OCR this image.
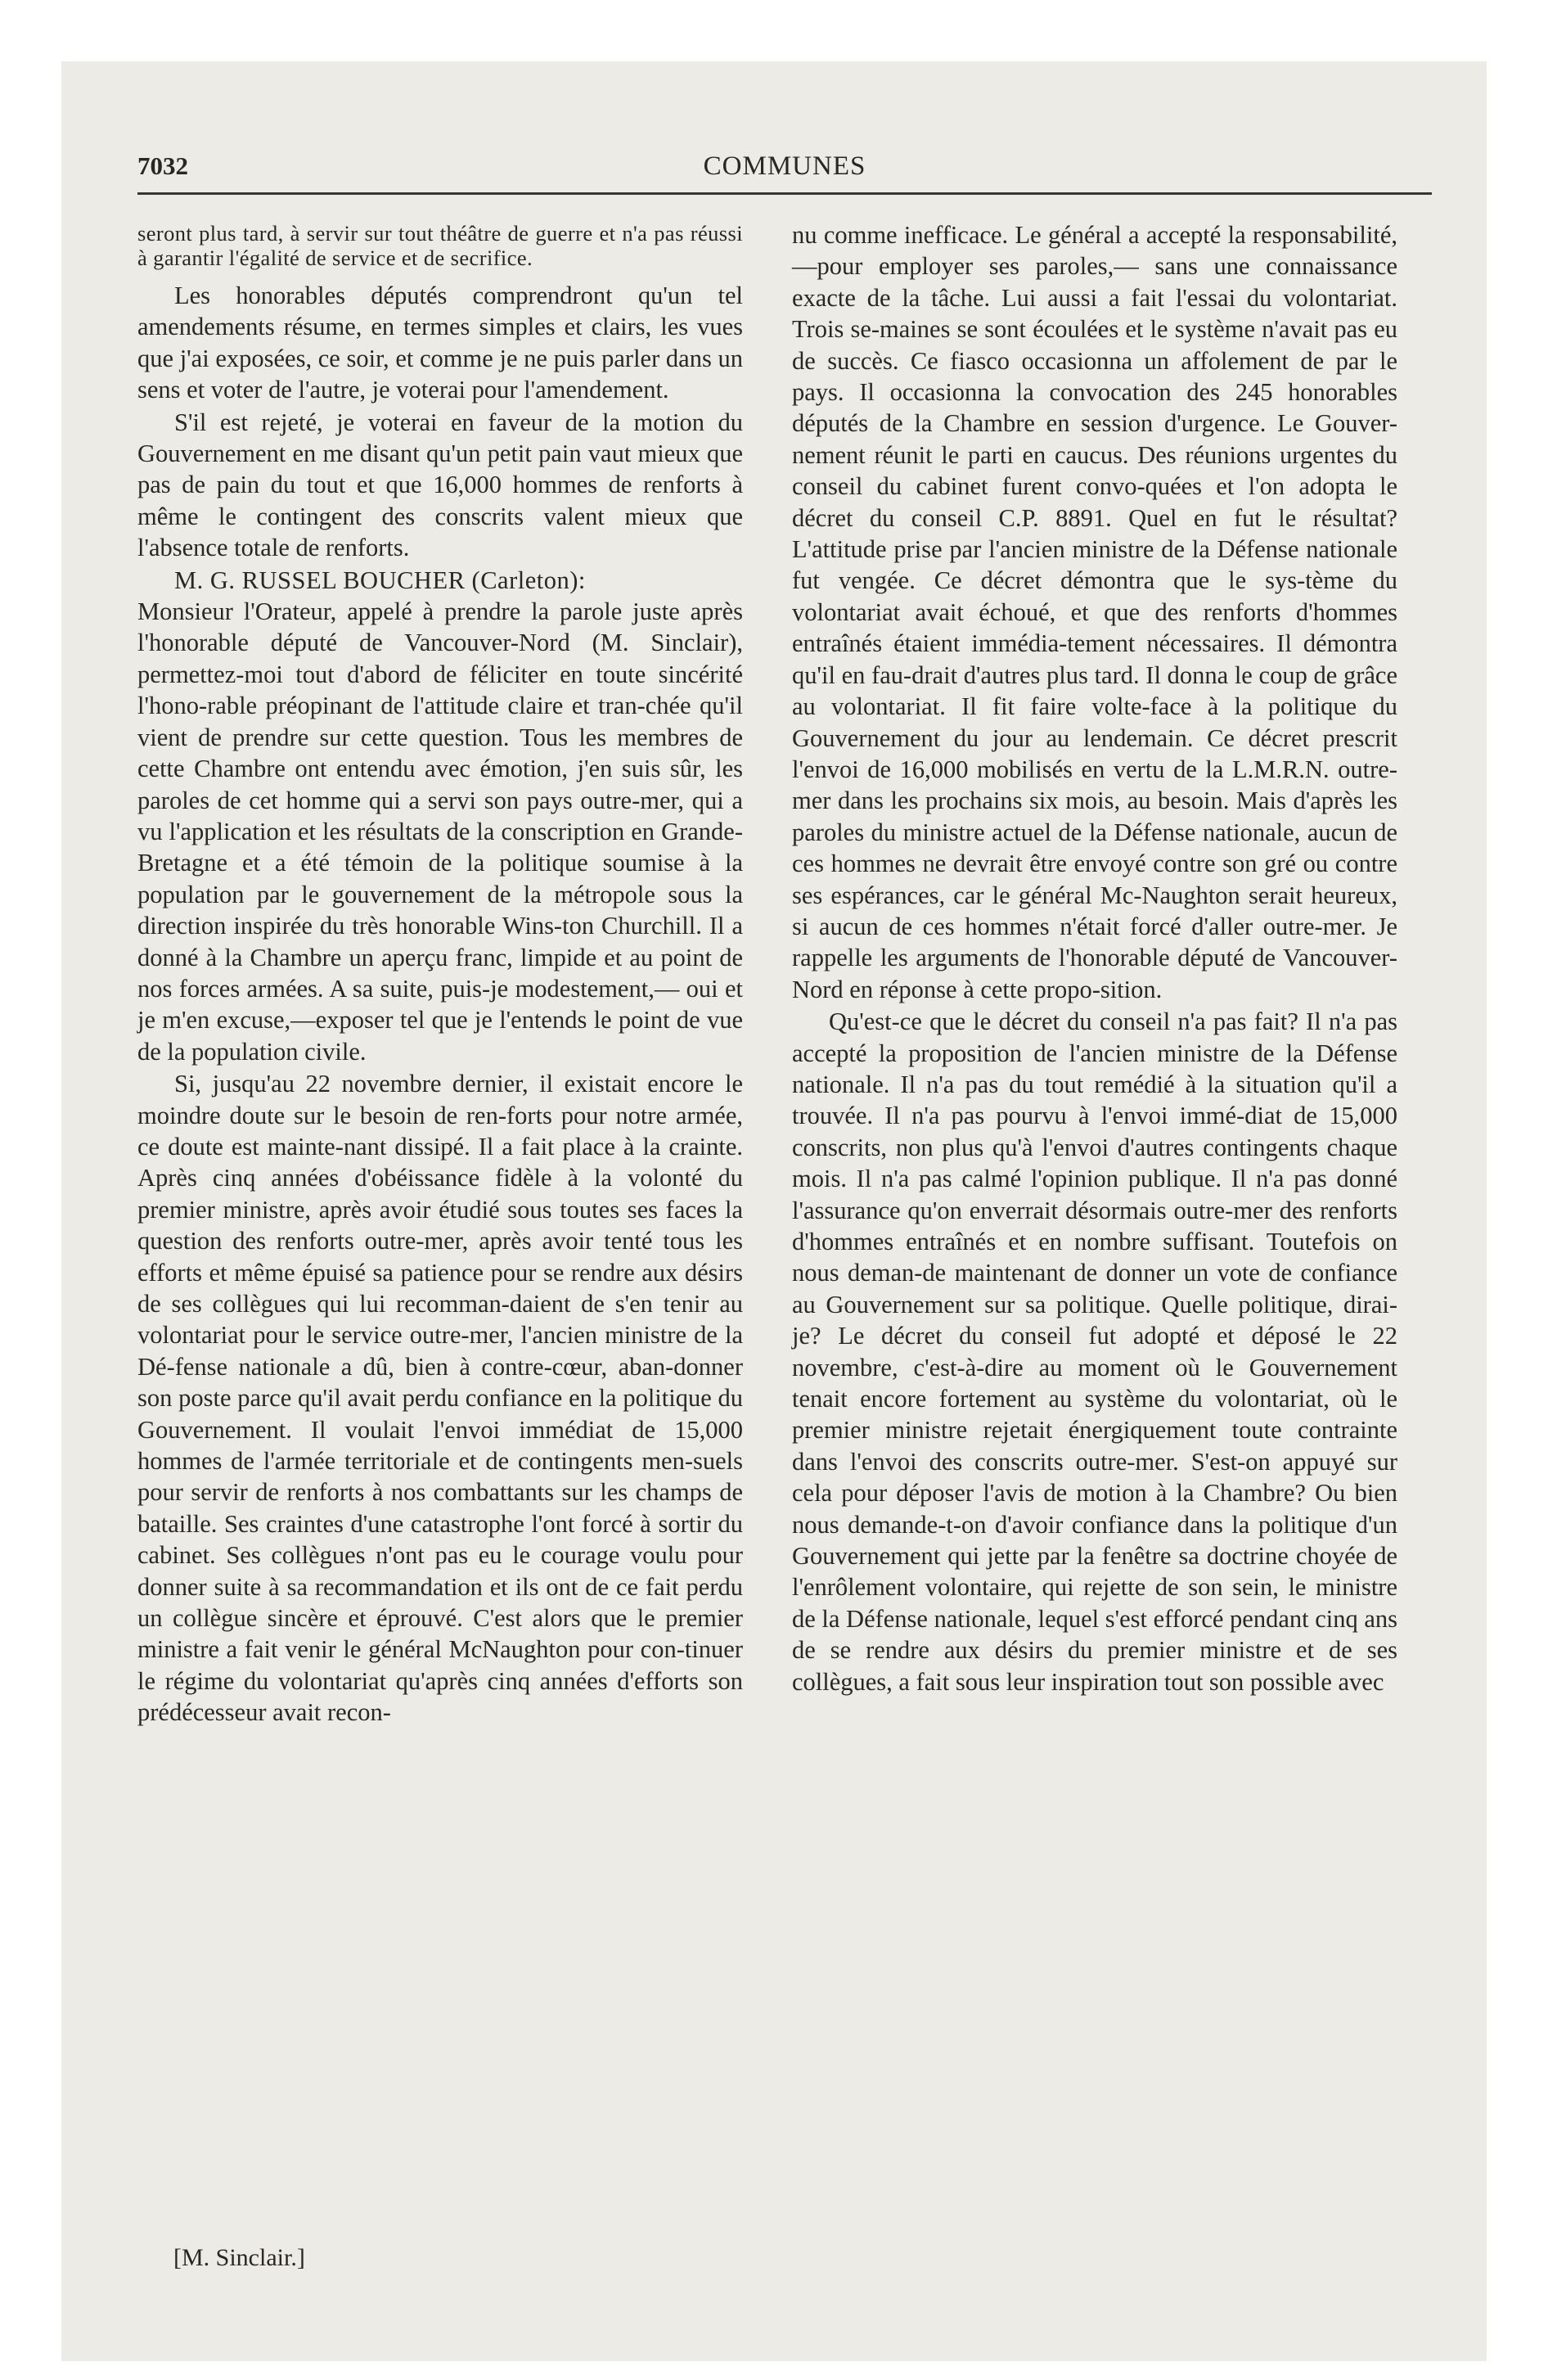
7032	COMMUNES

seront plus tard, à servir sur tout théâtre de guerre et n'a pas réussi à garantir l'égalité de service et de secrifice.

Les honorables députés comprendront qu'un tel amendements résume, en termes simples et clairs, les vues que j'ai exposées, ce soir, et comme je ne puis parler dans un sens et voter de l'autre, je voterai pour l'amendement.

S'il est rejeté, je voterai en faveur de la motion du Gouvernement en me disant qu'un petit pain vaut mieux que pas de pain du tout et que 16,000 hommes de renforts à même le contingent des conscrits valent mieux que l'absence totale de renforts.

M. G. RUSSEL BOUCHER (Carleton):

Monsieur l'Orateur, appelé à prendre la parole juste après l'honorable député de Vancouver-Nord (M. Sinclair), permettez-moi tout d'abord de féliciter en toute sincérité l'hono-rable préopinant de l'attitude claire et tran-chée qu'il vient de prendre sur cette question. Tous les membres de cette Chambre ont entendu avec émotion, j'en suis sûr, les paroles de cet homme qui a servi son pays outre-mer, qui a vu l'application et les résultats de la conscription en Grande-Bretagne et a été témoin de la politique soumise à la population par le gouvernement de la métropole sous la direction inspirée du très honorable Wins-ton Churchill. Il a donné à la Chambre un aperçu franc, limpide et au point de nos forces armées. A sa suite, puis-je modestement,— oui et je m'en excuse,—exposer tel que je l'entends le point de vue de la population civile.

Si, jusqu'au 22 novembre dernier, il existait encore le moindre doute sur le besoin de ren-forts pour notre armée, ce doute est mainte-nant dissipé. Il a fait place à la crainte. Après cinq années d'obéissance fidèle à la volonté du premier ministre, après avoir étudié sous toutes ses faces la question des renforts outre-mer, après avoir tenté tous les efforts et même épuisé sa patience pour se rendre aux désirs de ses collègues qui lui recomman-daient de s'en tenir au volontariat pour le service outre-mer, l'ancien ministre de la Dé-fense nationale a dû, bien à contre-cœur, aban-donner son poste parce qu'il avait perdu confiance en la politique du Gouvernement. Il voulait l'envoi immédiat de 15,000 hommes de l'armée territoriale et de contingents men-suels pour servir de renforts à nos combattants sur les champs de bataille. Ses craintes d'une catastrophe l'ont forcé à sortir du cabinet. Ses collègues n'ont pas eu le courage voulu pour donner suite à sa recommandation et ils ont de ce fait perdu un collègue sincère et éprouvé. C'est alors que le premier ministre a fait venir le général McNaughton pour con-tinuer le régime du volontariat qu'après cinq années d'efforts son prédécesseur avait recon-

nu comme inefficace. Le général a accepté la responsabilité,—pour employer ses paroles,— sans une connaissance exacte de la tâche. Lui aussi a fait l'essai du volontariat. Trois se-maines se sont écoulées et le système n'avait pas eu de succès. Ce fiasco occasionna un affolement de par le pays. Il occasionna la convocation des 245 honorables députés de la Chambre en session d'urgence. Le Gouver-nement réunit le parti en caucus. Des réunions urgentes du conseil du cabinet furent convo-quées et l'on adopta le décret du conseil C.P. 8891. Quel en fut le résultat? L'attitude prise par l'ancien ministre de la Défense nationale fut vengée. Ce décret démontra que le sys-tème du volontariat avait échoué, et que des renforts d'hommes entraînés étaient immédia-tement nécessaires. Il démontra qu'il en fau-drait d'autres plus tard. Il donna le coup de grâce au volontariat. Il fit faire volte-face à la politique du Gouvernement du jour au lendemain. Ce décret prescrit l'envoi de 16,000 mobilisés en vertu de la L.M.R.N. outre-mer dans les prochains six mois, au besoin. Mais d'après les paroles du ministre actuel de la Défense nationale, aucun de ces hommes ne devrait être envoyé contre son gré ou contre ses espérances, car le général Mc-Naughton serait heureux, si aucun de ces hommes n'était forcé d'aller outre-mer. Je rappelle les arguments de l'honorable député de Vancouver-Nord en réponse à cette propo-sition.

Qu'est-ce que le décret du conseil n'a pas fait? Il n'a pas accepté la proposition de l'ancien ministre de la Défense nationale. Il n'a pas du tout remédié à la situation qu'il a trouvée. Il n'a pas pourvu à l'envoi immé-diat de 15,000 conscrits, non plus qu'à l'envoi d'autres contingents chaque mois. Il n'a pas calmé l'opinion publique. Il n'a pas donné l'assurance qu'on enverrait désormais outre-mer des renforts d'hommes entraînés et en nombre suffisant. Toutefois on nous deman-de maintenant de donner un vote de confiance au Gouvernement sur sa politique. Quelle politique, dirai-je? Le décret du conseil fut adopté et déposé le 22 novembre, c'est-à-dire au moment où le Gouvernement tenait encore fortement au système du volontariat, où le premier ministre rejetait énergiquement toute contrainte dans l'envoi des conscrits outre-mer. S'est-on appuyé sur cela pour déposer l'avis de motion à la Chambre? Ou bien nous demande-t-on d'avoir confiance dans la politique d'un Gouvernement qui jette par la fenêtre sa doctrine choyée de l'enrôlement volontaire, qui rejette de son sein, le ministre de la Défense nationale, lequel s'est efforcé pendant cinq ans de se rendre aux désirs du premier ministre et de ses collègues, a fait sous leur inspiration tout son possible avec

[M. Sinclair.]
